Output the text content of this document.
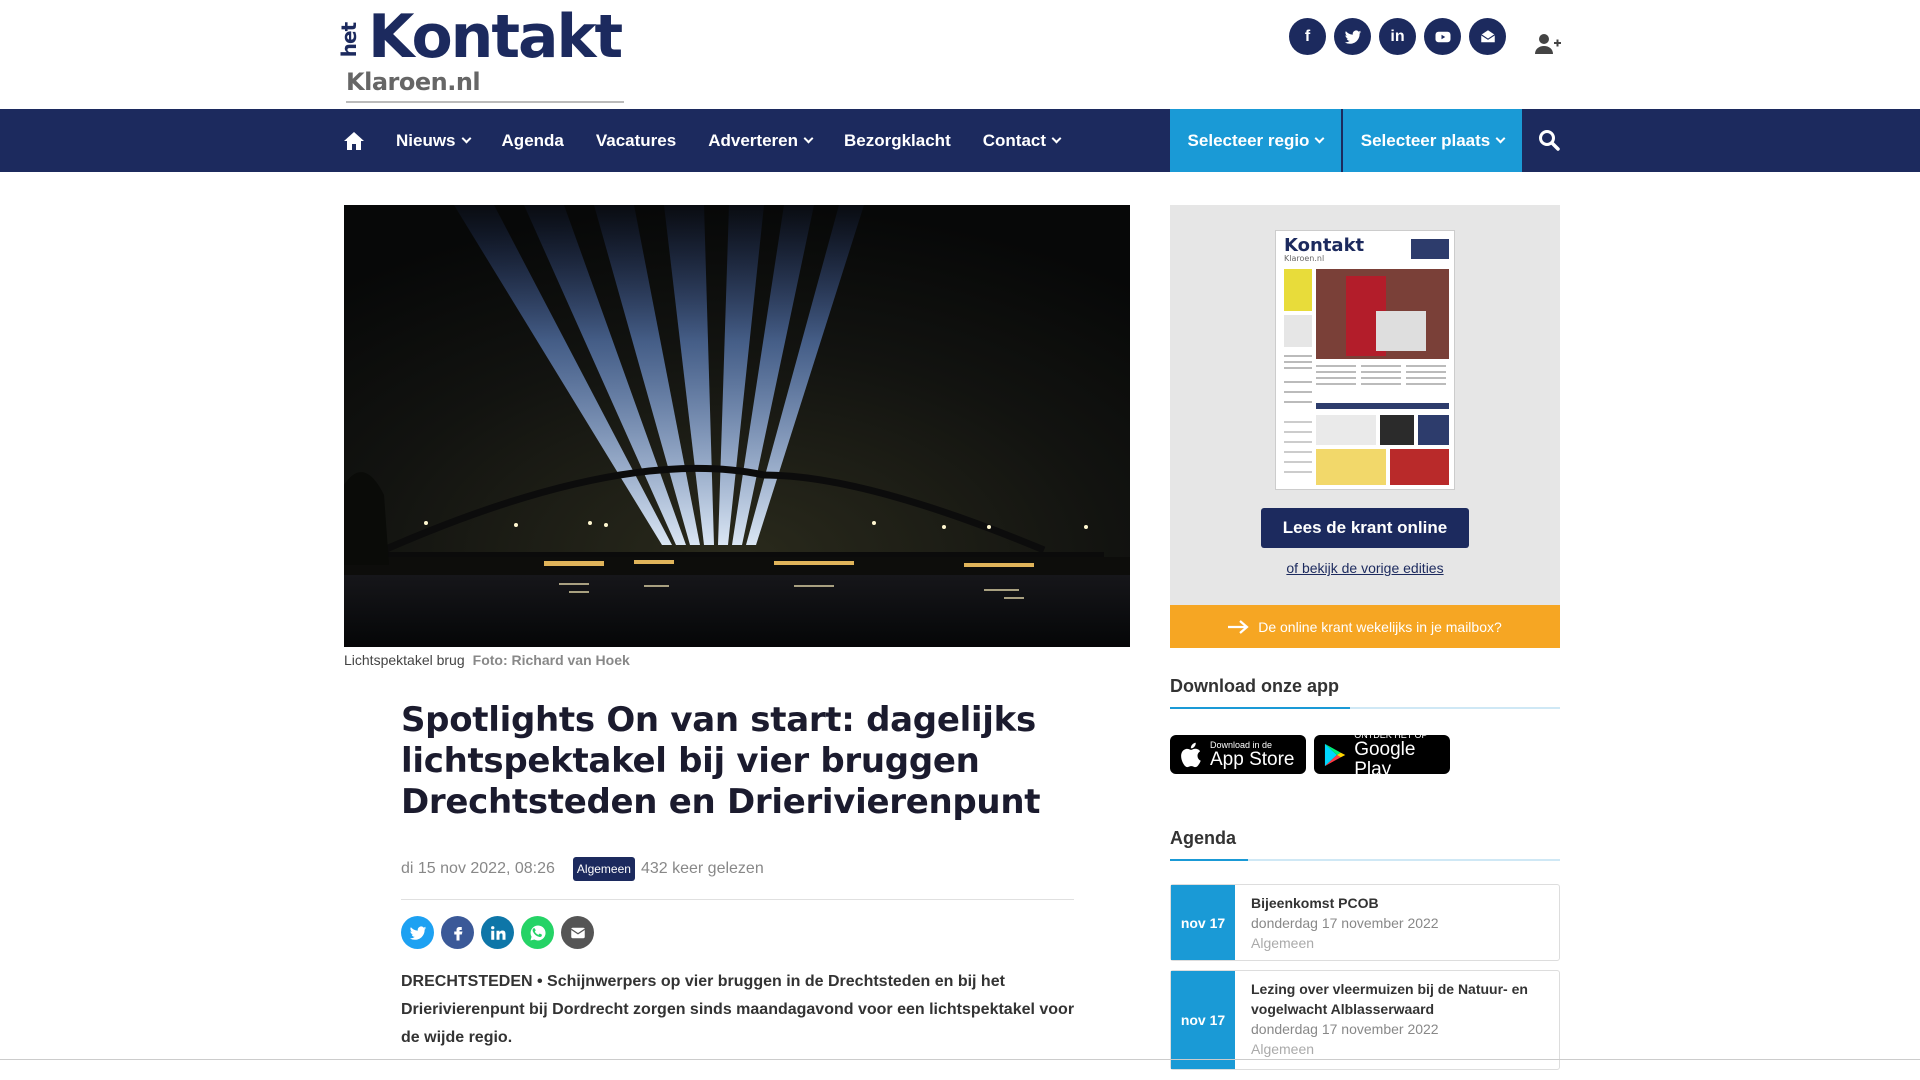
het Kontakt
Klaroen.nl
f	in
Nieuws	Agenda Vacatures Adverteren	Bezorgklacht Contact	Selecteer regio	Selecteer plaats
Lichtspektakel brug Foto: Richard van Hoek
Spotlights On van start: dagelijks lichtspektakel bij vier bruggen Drechtsteden en Drierivierenpunt
di 15 nov 2022, 08:26	Algemeen 432 keer gelezen

DRECHTSTEDEN • Schijnwerpers op vier bruggen in de Drechtsteden en bij het Drierivierenpunt bij Dordrecht zorgen sinds maandagavond voor een lichtspektakel voor de wijde regio.

Kontakt
Klaroen.nl
Lees de krant online
of bekijk de vorige edities
De online krant wekelijks in je mailbox?
Download onze app
Download in de
App Store
ONTDEK HET OP
Google Play
Agenda
nov 17
Bijeenkomst PCOB
donderdag 17 november 2022
Algemeen
nov 17
Lezing over vleermuizen bij de Natuur- en vogelwacht Alblasserwaard
donderdag 17 november 2022
Algemeen
